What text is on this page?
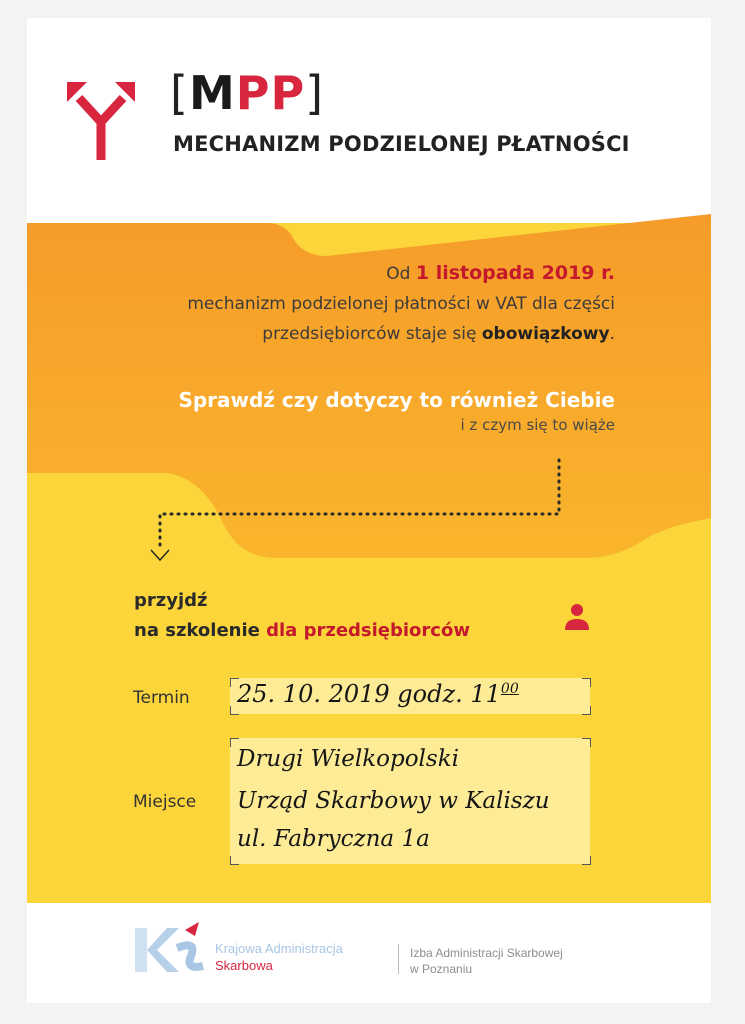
[MPP]
MECHANIZM PODZIELONEJ PŁATNOŚCI
Od 1 listopada 2019 r.
mechanizm podzielonej płatności w VAT dla części
przedsiębiorców staje się obowiązkowy.
Sprawdź czy dotyczy to również Ciebie
i z czym się to wiąże
przyjdź
na szkolenie dla przedsiębiorców
Termin 25. 10. 2019 godz. $11^{00}$
Miejsce
Drugi Wielkopolski
Urząd Skarbowy w Kaliszu
ul. Fabryczna 1a
Krajowa Administracja
Skarbowa
Izba Administracji Skarbowej
w Poznaniu
